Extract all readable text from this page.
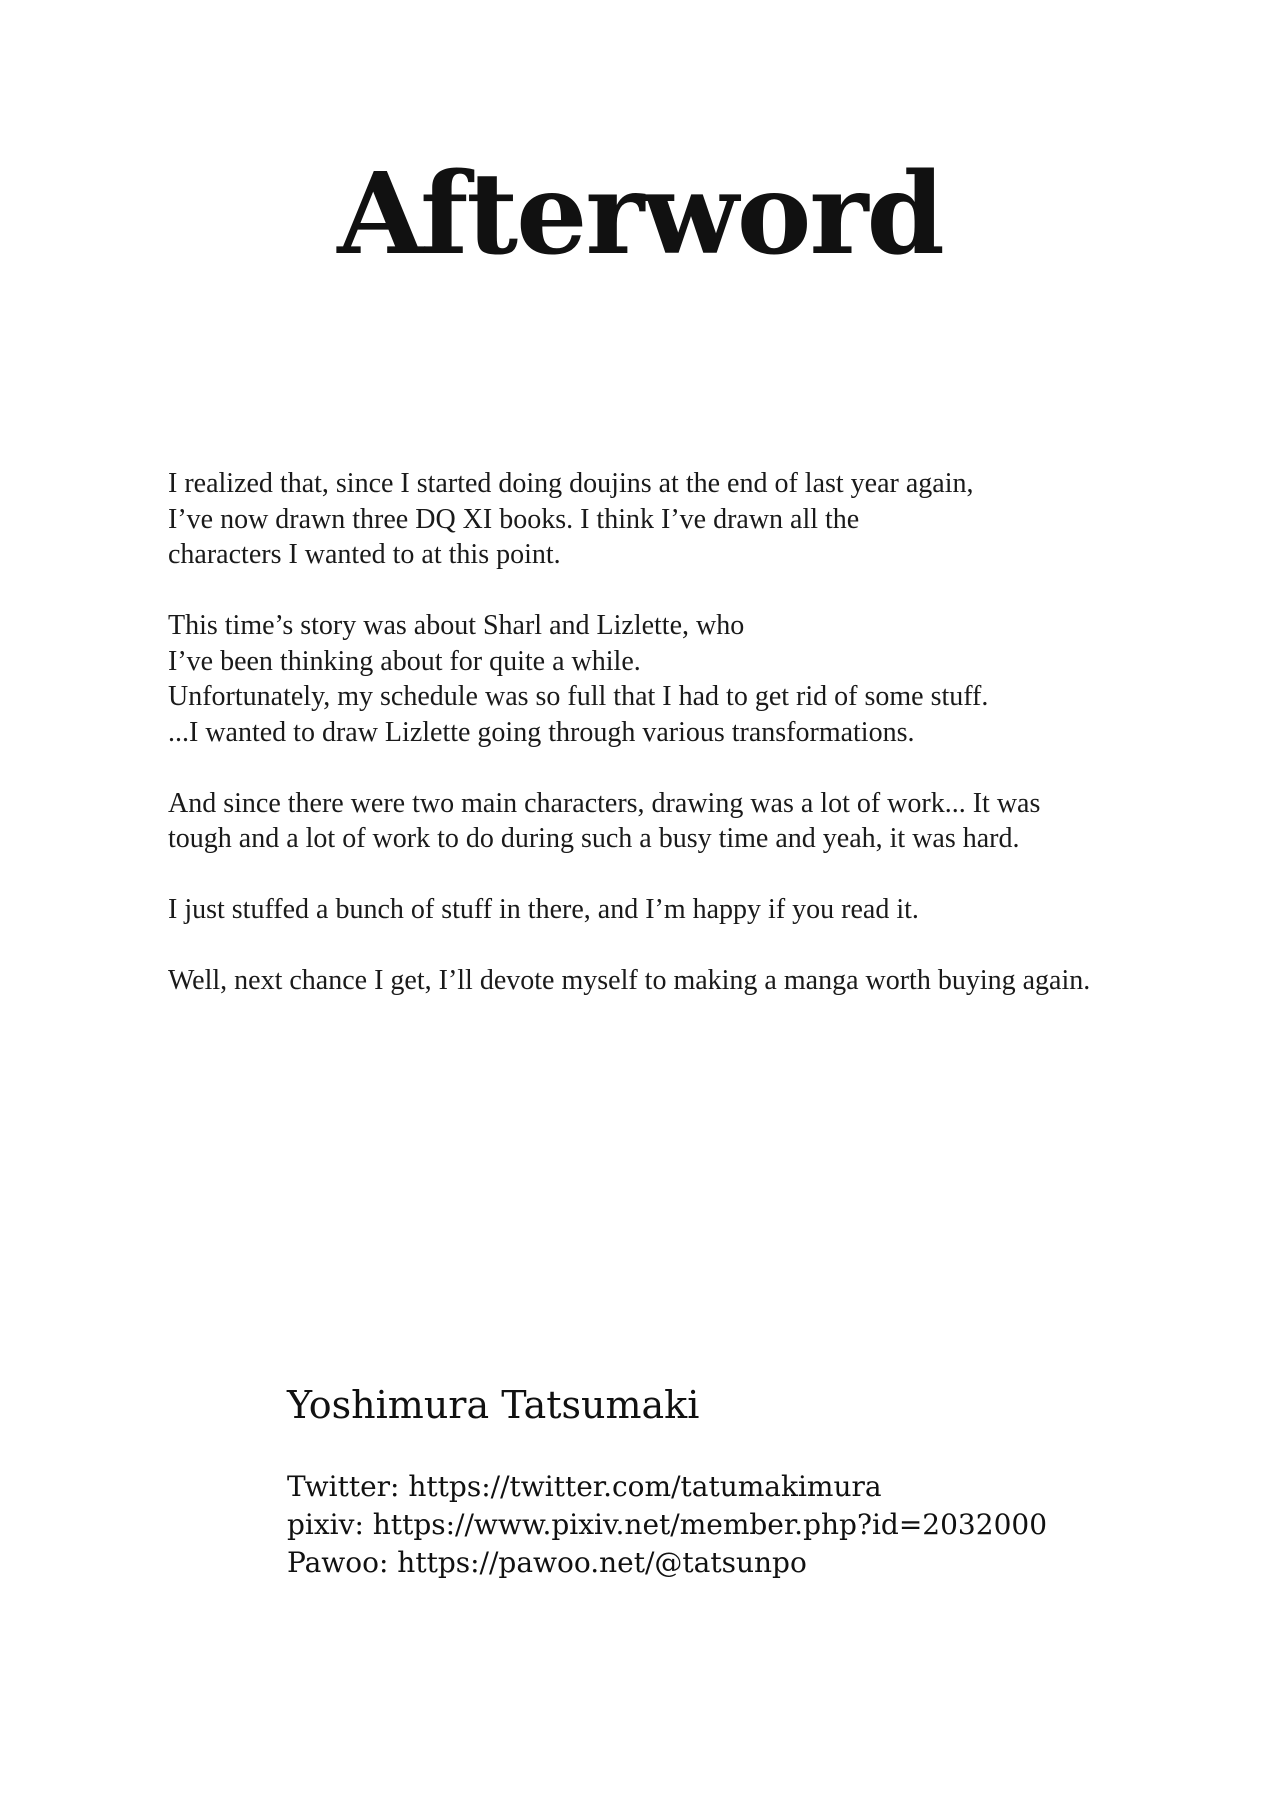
Afterword

I realized that, since I started doing doujins at the end of last year again,
I’ve now drawn three DQ XI books. I think I’ve drawn all the
characters I wanted to at this point.

This time’s story was about Sharl and Lizlette, who
I’ve been thinking about for quite a while.
Unfortunately, my schedule was so full that I had to get rid of some stuff.
...I wanted to draw Lizlette going through various transformations.

And since there were two main characters, drawing was a lot of work... It was
tough and a lot of work to do during such a busy time and yeah, it was hard.

I just stuffed a bunch of stuff in there, and I’m happy if you read it.

Well, next chance I get, I’ll devote myself to making a manga worth buying again.

Yoshimura Tatsumaki
Twitter: https://twitter.com/tatumakimura
pixiv: https://www.pixiv.net/member.php?id=2032000
Pawoo: https://pawoo.net/@tatsunpo
